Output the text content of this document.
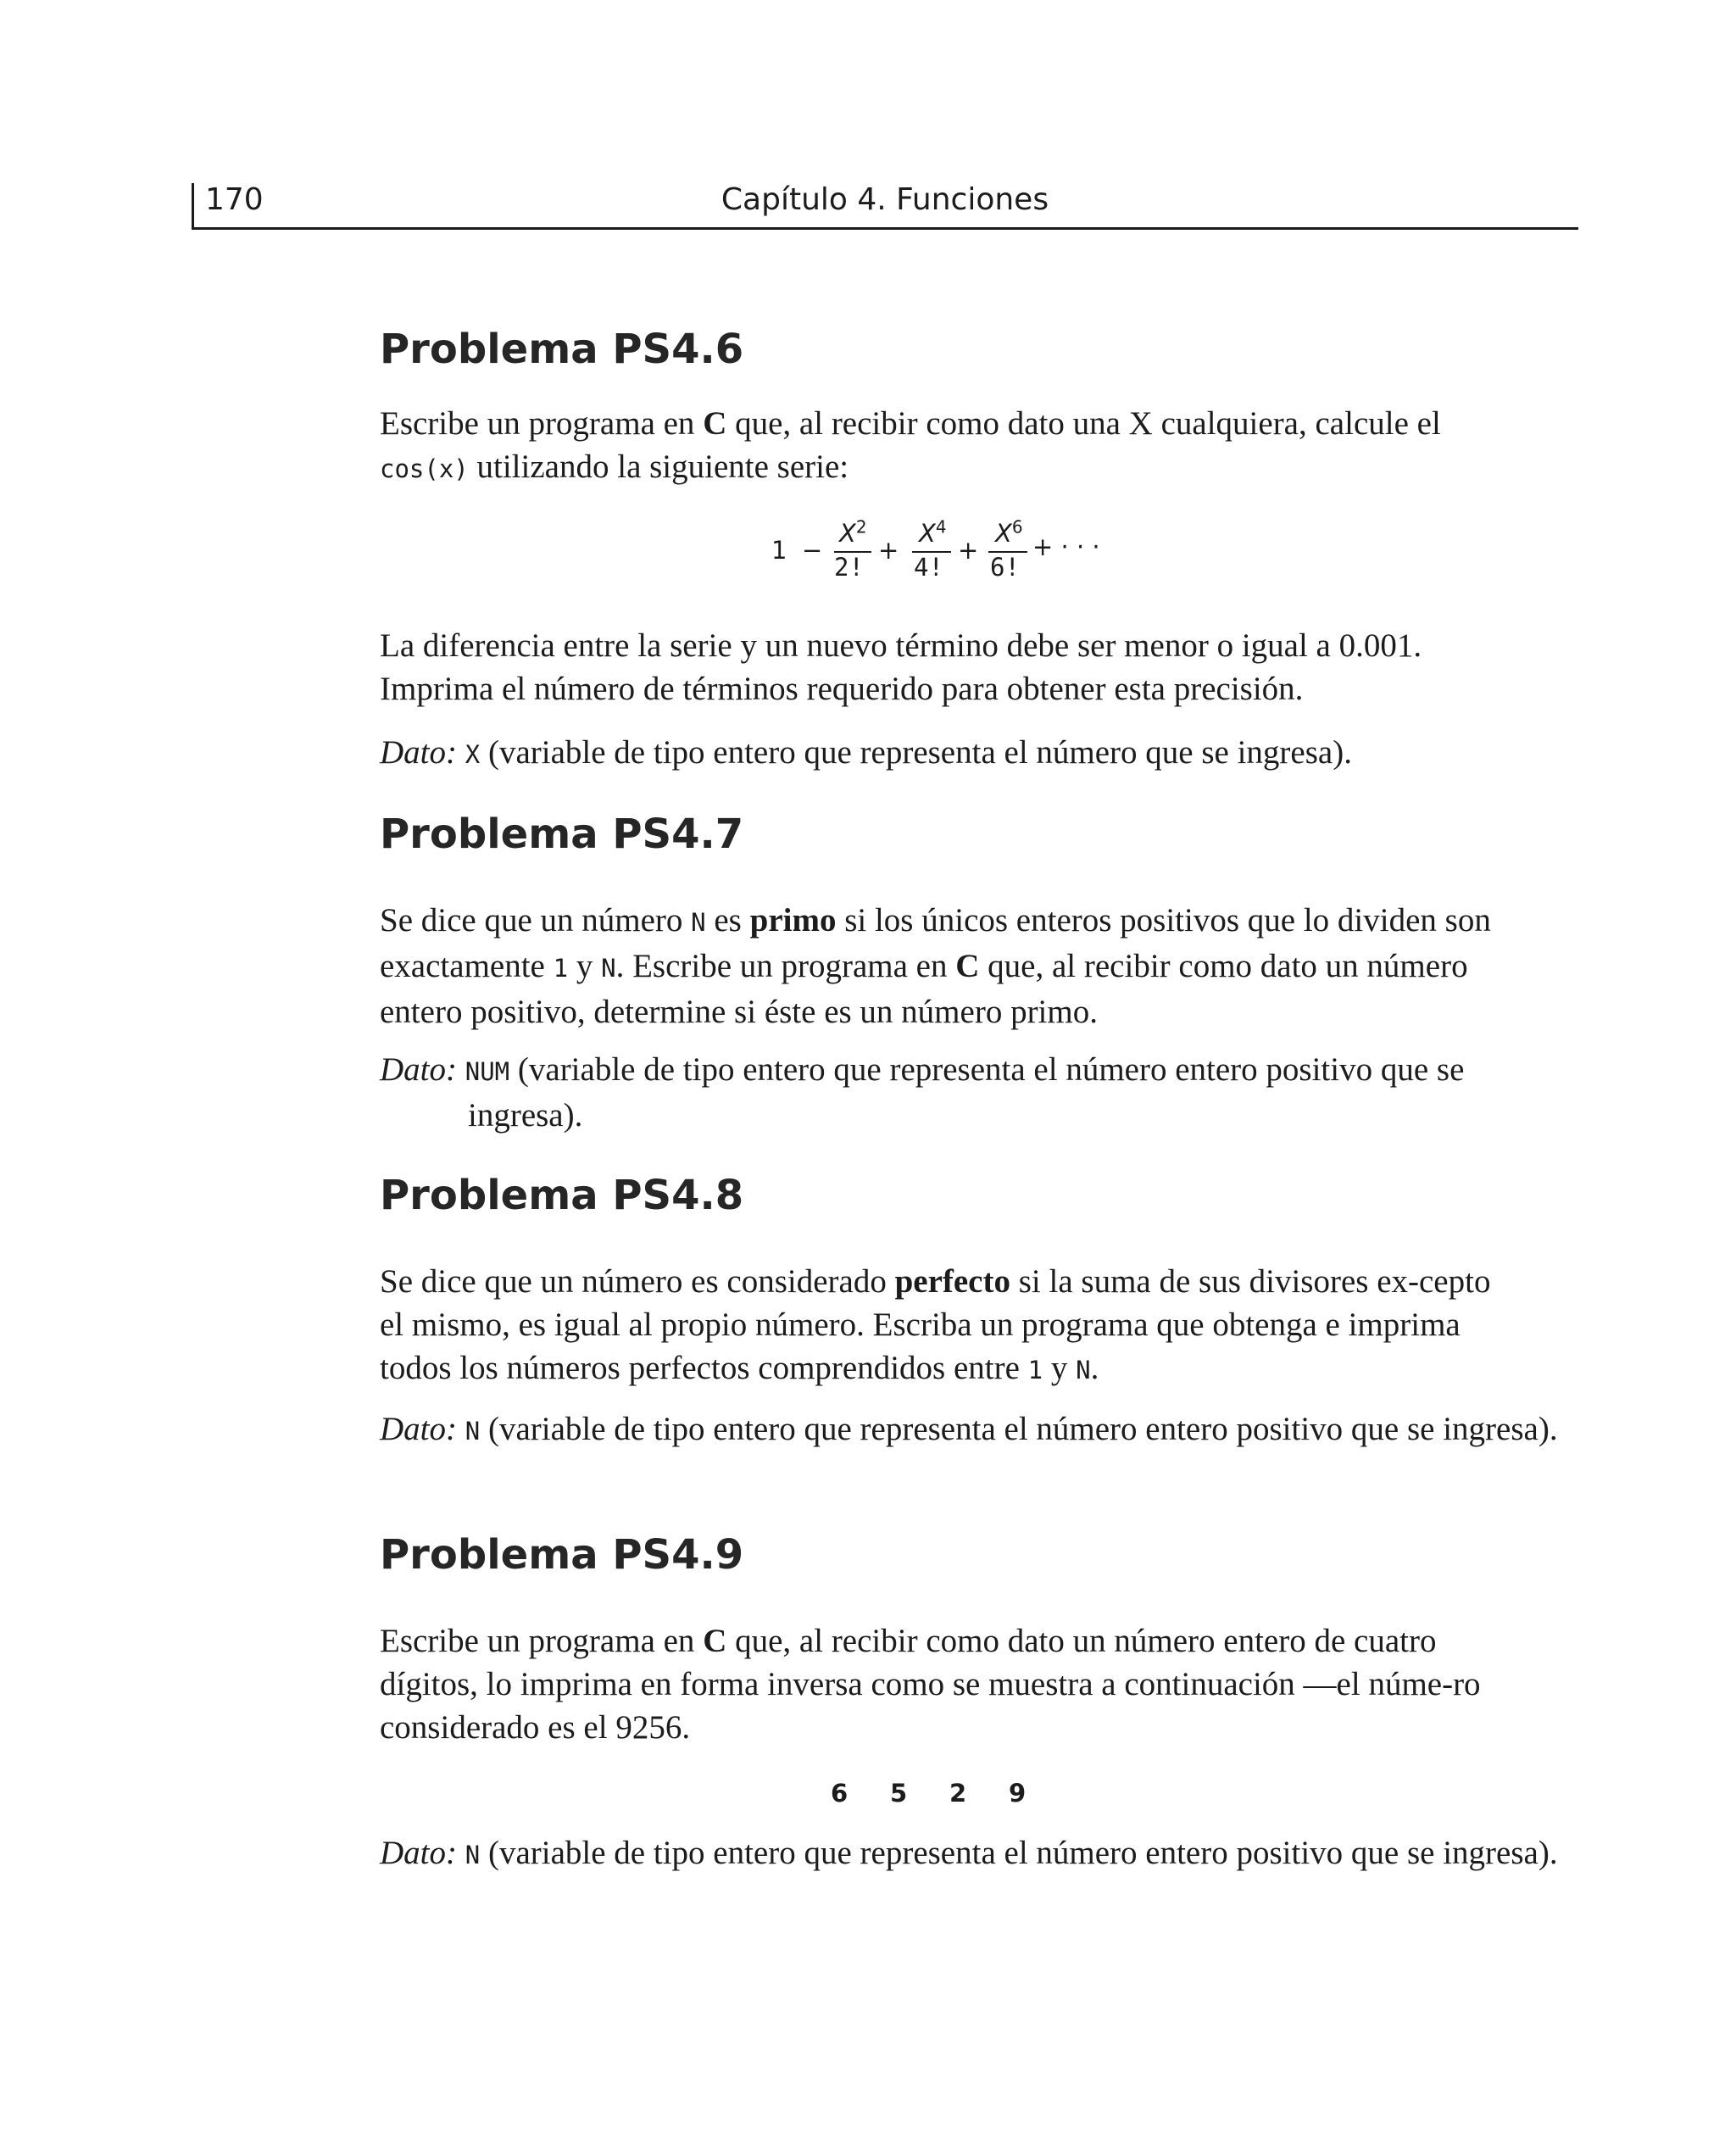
170	Capítulo 4. Funciones
Problema PS4.6

Escribe un programa en C que, al recibir como dato una X cualquiera, calcule el
cos(x) utilizando la siguiente serie:

1 −
$X^2$
2!
+
$X^4$
4!
+
$X^6$
6!
+ · · ·

La diferencia entre la serie y un nuevo término debe ser menor o igual a 0.001.
Imprima el número de términos requerido para obtener esta precisión.

Dato: X (variable de tipo entero que representa el número que se ingresa).

Problema PS4.7

Se dice que un número N es primo si los únicos enteros positivos que lo dividen son exactamente 1 y N. Escribe un programa en C que, al recibir como dato un número entero positivo, determine si éste es un número primo.

Dato: NUM (variable de tipo entero que representa el número entero positivo que se ingresa).

Problema PS4.8

Se dice que un número es considerado perfecto si la suma de sus divisores ex-cepto el mismo, es igual al propio número. Escriba un programa que obtenga e imprima todos los números perfectos comprendidos entre 1 y N.

Dato: N (variable de tipo entero que representa el número entero positivo que se ingresa).

Problema PS4.9

Escribe un programa en C que, al recibir como dato un número entero de cuatro dígitos, lo imprima en forma inversa como se muestra a continuación —el núme-ro considerado es el 9256.

6 5 2 9

Dato: N (variable de tipo entero que representa el número entero positivo que se ingresa).
